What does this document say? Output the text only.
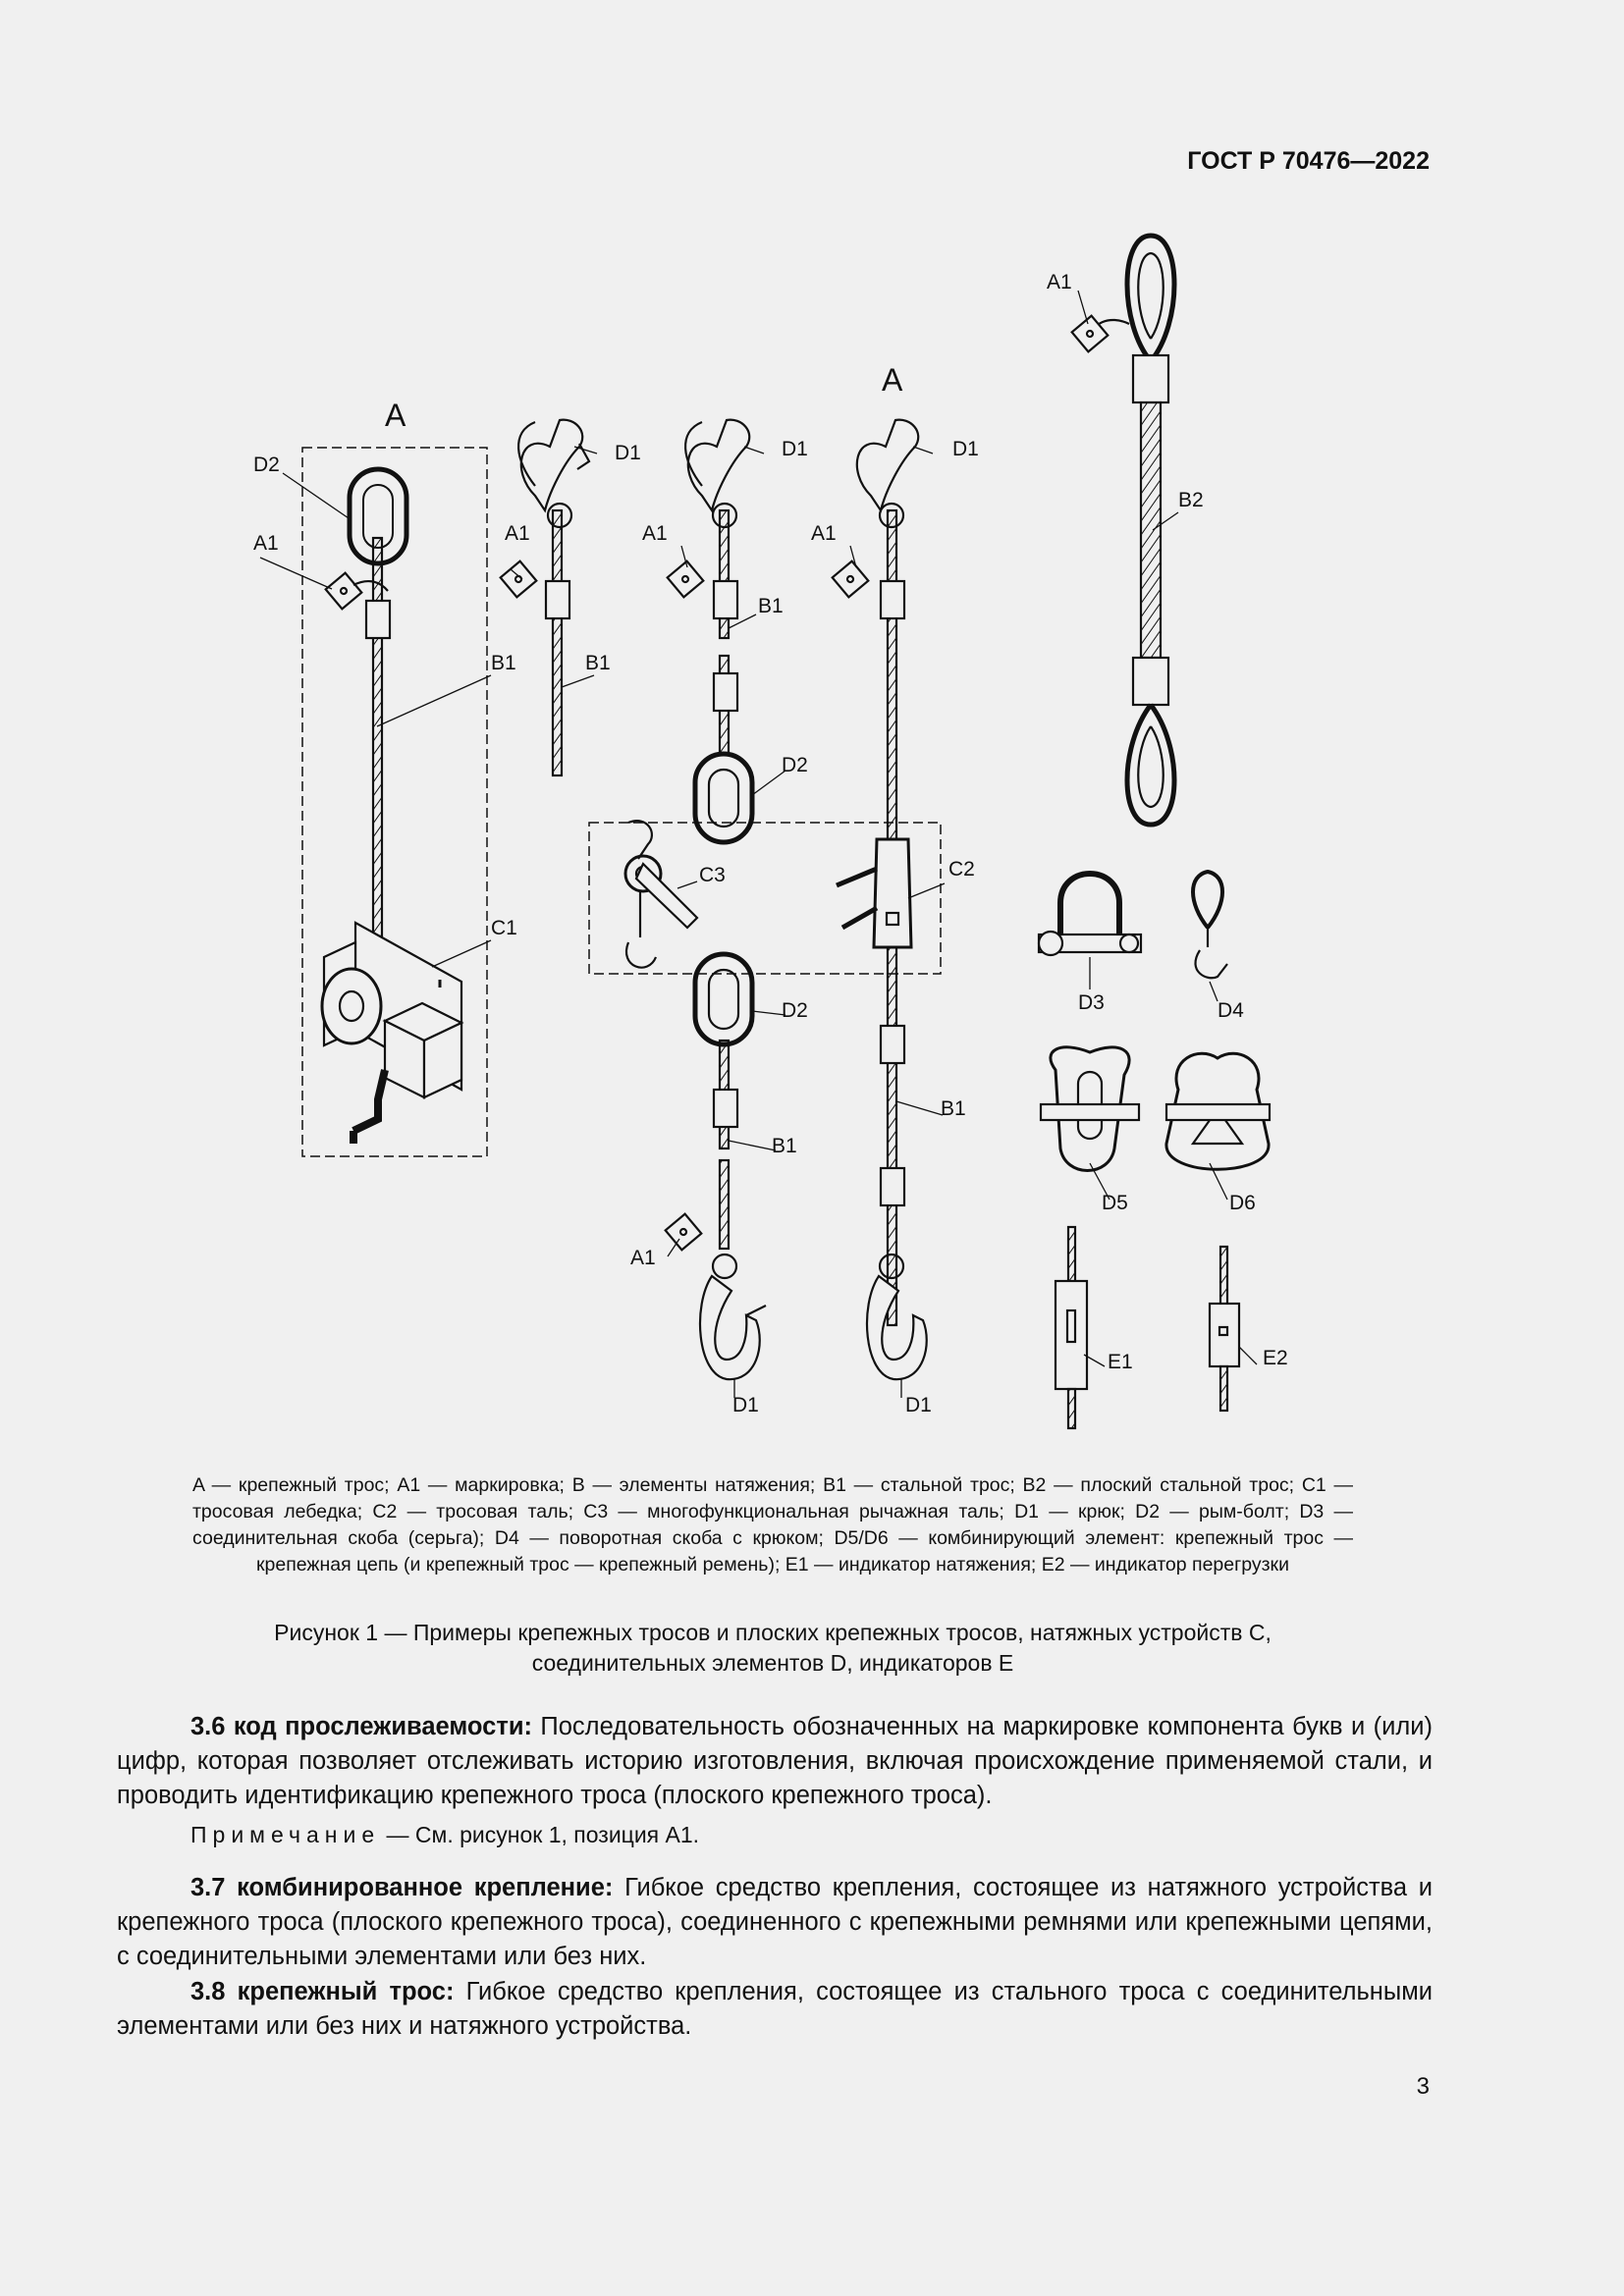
ГОСТ Р 70476—2022
A
A
D2
A1
B1
C1
D1
A1
B1
D1
A1
B1
D2
C3
D2
B1
A1
D1
D1
A1
C2
B1
D1
A1
B2
D3	D4
D5	D6
E1	E2
A — крепежный трос; A1 — маркировка; B — элементы натяжения; B1 — стальной трос; B2 — плоский стальной трос; C1 — тросовая лебедка; C2 — тросовая таль; C3 — многофункциональная рычажная таль; D1 — крюк; D2 — рым-болт; D3 — соединительная скоба (серьга); D4 — поворотная скоба с крюком; D5/D6 — комбинирующий элемент: крепежный трос — крепежная цепь (и крепежный трос — крепежный ремень); E1 — индикатор натяжения; E2 — индикатор перегрузки
Рисунок 1 — Примеры крепежных тросов и плоских крепежных тросов, натяжных устройств C,
соединительных элементов D, индикаторов E
3.6 код прослеживаемости: Последовательность обозначенных на маркировке компонента букв и (или) цифр, которая позволяет отслеживать историю изготовления, включая происхождение применяемой стали, и проводить идентификацию крепежного троса (плоского крепежного троса).
Примечание — См. рисунок 1, позиция A1.
3.7 комбинированное крепление: Гибкое средство крепления, состоящее из натяжного устройства и крепежного троса (плоского крепежного троса), соединенного с крепежными ремнями или крепежными цепями, с соединительными элементами или без них.
3.8 крепежный трос: Гибкое средство крепления, состоящее из стального троса с соединительными элементами или без них и натяжного устройства.
3
